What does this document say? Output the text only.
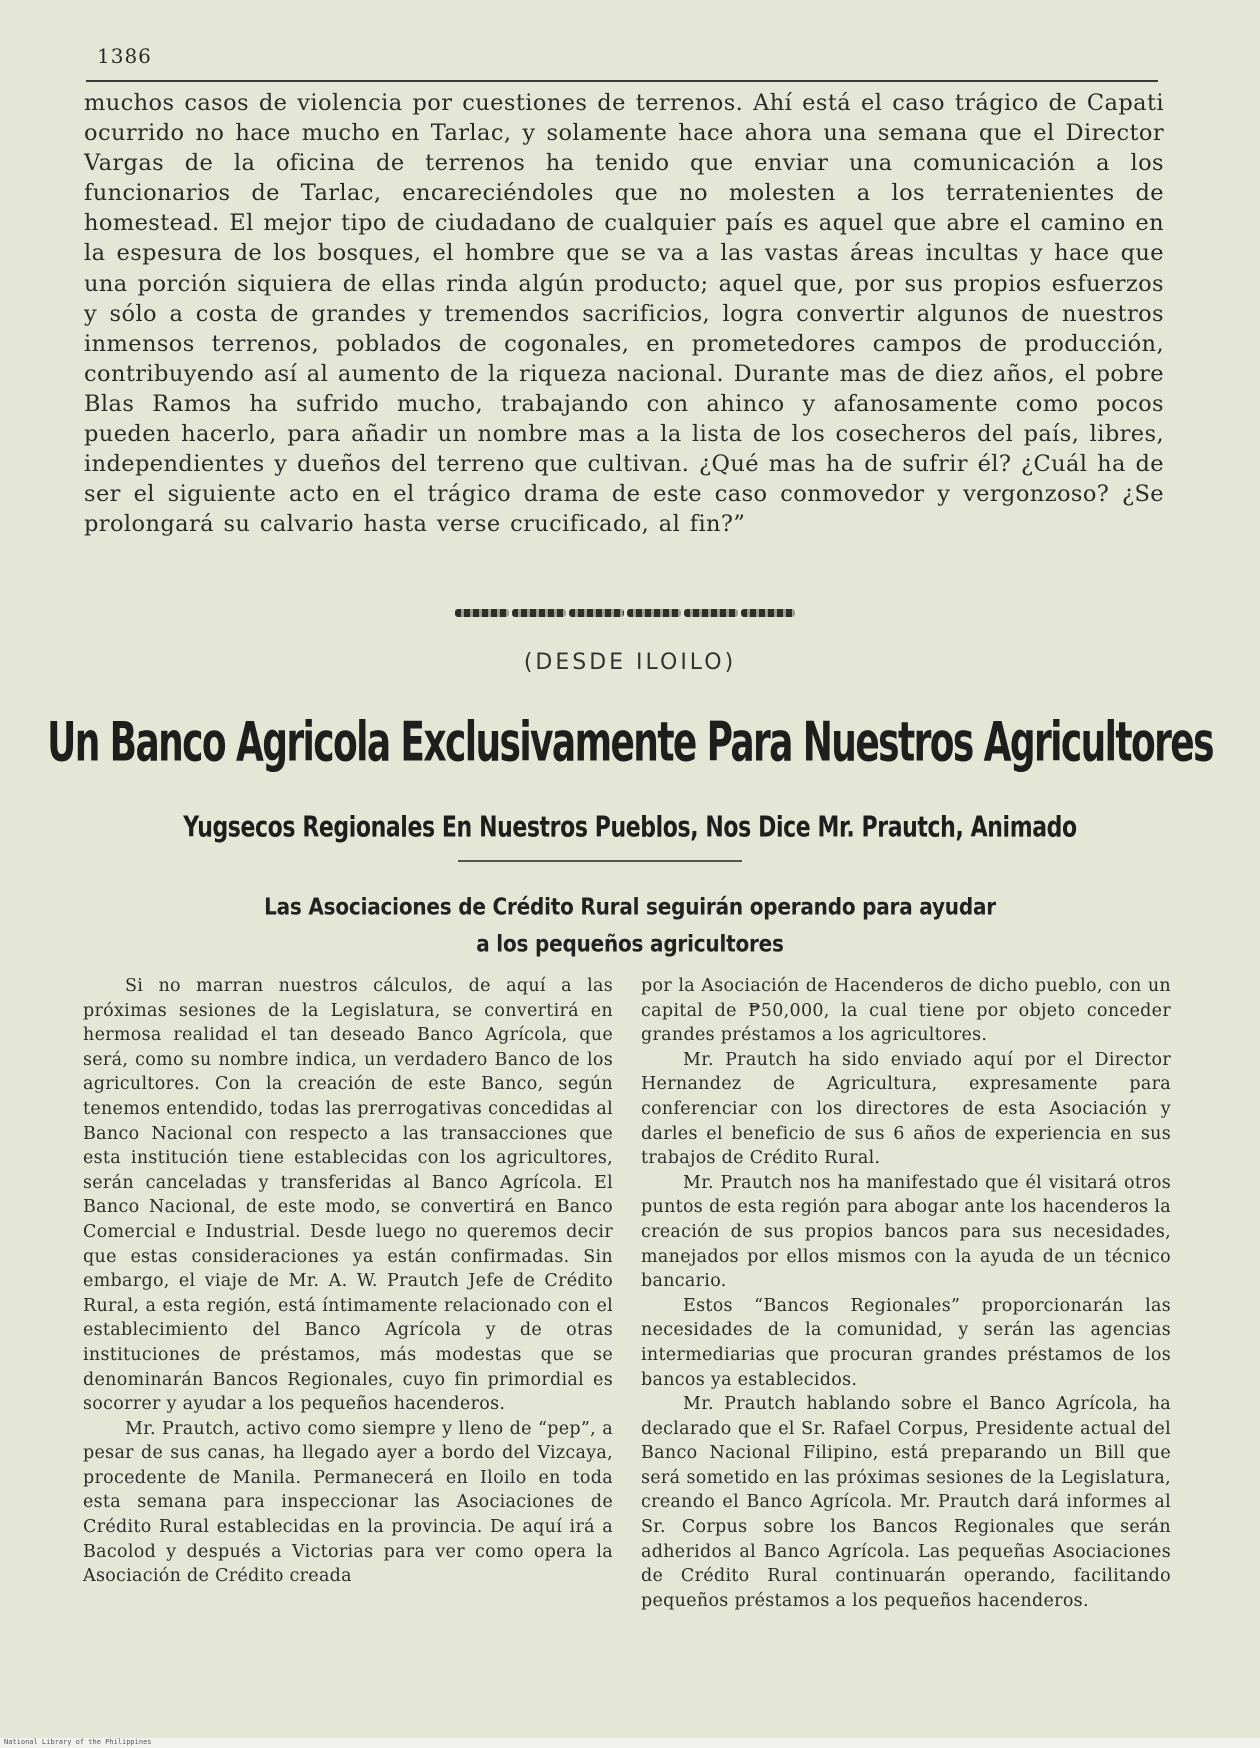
1386
muchos casos de violencia por cuestiones de terrenos. Ahí está el caso trágico de Capati ocurrido no hace mucho en Tarlac, y solamente hace ahora una semana que el Director Vargas de la oficina de terrenos ha tenido que enviar una comunicación a los funcionarios de Tarlac, encareciéndoles que no molesten a los terratenientes de homestead. El mejor tipo de ciudadano de cualquier país es aquel que abre el camino en la espesura de los bosques, el hombre que se va a las vastas áreas incultas y hace que una porción siquiera de ellas rinda algún producto; aquel que, por sus propios esfuerzos y sólo a costa de grandes y tremendos sacrificios, logra convertir algunos de nuestros inmensos terrenos, poblados de cogonales, en prometedores campos de producción, contribuyendo así al aumento de la riqueza nacional. Durante mas de diez años, el pobre Blas Ramos ha sufrido mucho, trabajando con ahinco y afanosamente como pocos pueden hacerlo, para añadir un nombre mas a la lista de los cosecheros del país, libres, independientes y dueños del terreno que cultivan. ¿Qué mas ha de sufrir él? ¿Cuál ha de ser el siguiente acto en el trágico drama de este caso conmovedor y vergonzoso? ¿Se prolongará su calvario hasta verse crucificado, al fin?”
(DESDE ILOILO)
Un Banco Agricola Exclusivamente Para Nuestros Agricultores
Yugsecos Regionales En Nuestros Pueblos, Nos Dice Mr. Prautch, Animado
Las Asociaciones de Crédito Rural seguirán operando para ayudar
a los pequeños agricultores

Si no marran nuestros cálculos, de aquí a las próximas sesiones de la Legislatura, se convertirá en hermosa realidad el tan deseado Banco Agrícola, que será, como su nombre indica, un verdadero Banco de los agricultores. Con la creación de este Banco, según tenemos entendido, todas las prerrogativas concedidas al Banco Nacional con respecto a las transacciones que esta institución tiene establecidas con los agricultores, serán canceladas y transferidas al Banco Agrícola. El Banco Nacional, de este modo, se convertirá en Banco Comercial e Industrial. Desde luego no queremos decir que estas consideraciones ya están confirmadas. Sin embargo, el viaje de Mr. A. W. Prautch Jefe de Crédito Rural, a esta región, está íntimamente relacionado con el establecimiento del Banco Agrícola y de otras instituciones de préstamos, más modestas que se denominarán Bancos Regionales, cuyo fin primordial es socorrer y ayudar a los pequeños hacenderos.

Mr. Prautch, activo como siempre y lleno de “pep”, a pesar de sus canas, ha llegado ayer a bordo del Vizcaya, procedente de Manila. Permanecerá en Iloilo en toda esta semana para inspeccionar las Asociaciones de Crédito Rural establecidas en la provincia. De aquí irá a Bacolod y después a Victorias para ver como opera la Asociación de Crédito creada

por la Asociación de Hacenderos de dicho pueblo, con un capital de ₱50,000, la cual tiene por objeto conceder grandes préstamos a los agricultores.

Mr. Prautch ha sido enviado aquí por el Director Hernandez de Agricultura, expresamente para conferenciar con los directores de esta Asociación y darles el beneficio de sus 6 años de experiencia en sus trabajos de Crédito Rural.

Mr. Prautch nos ha manifestado que él visitará otros puntos de esta región para abogar ante los hacenderos la creación de sus propios bancos para sus necesidades, manejados por ellos mismos con la ayuda de un técnico bancario.

Estos “Bancos Regionales” proporcionarán las necesidades de la comunidad, y serán las agencias intermediarias que procuran grandes préstamos de los bancos ya establecidos.

Mr. Prautch hablando sobre el Banco Agrícola, ha declarado que el Sr. Rafael Corpus, Presidente actual del Banco Nacional Filipino, está preparando un Bill que será sometido en las próximas sesiones de la Legislatura, creando el Banco Agrícola. Mr. Prautch dará informes al Sr. Corpus sobre los Bancos Regionales que serán adheridos al Banco Agrícola. Las pequeñas Asociaciones de Crédito Rural continuarán operando, facilitando pequeños préstamos a los pequeños hacenderos.

National Library of the Philippines
